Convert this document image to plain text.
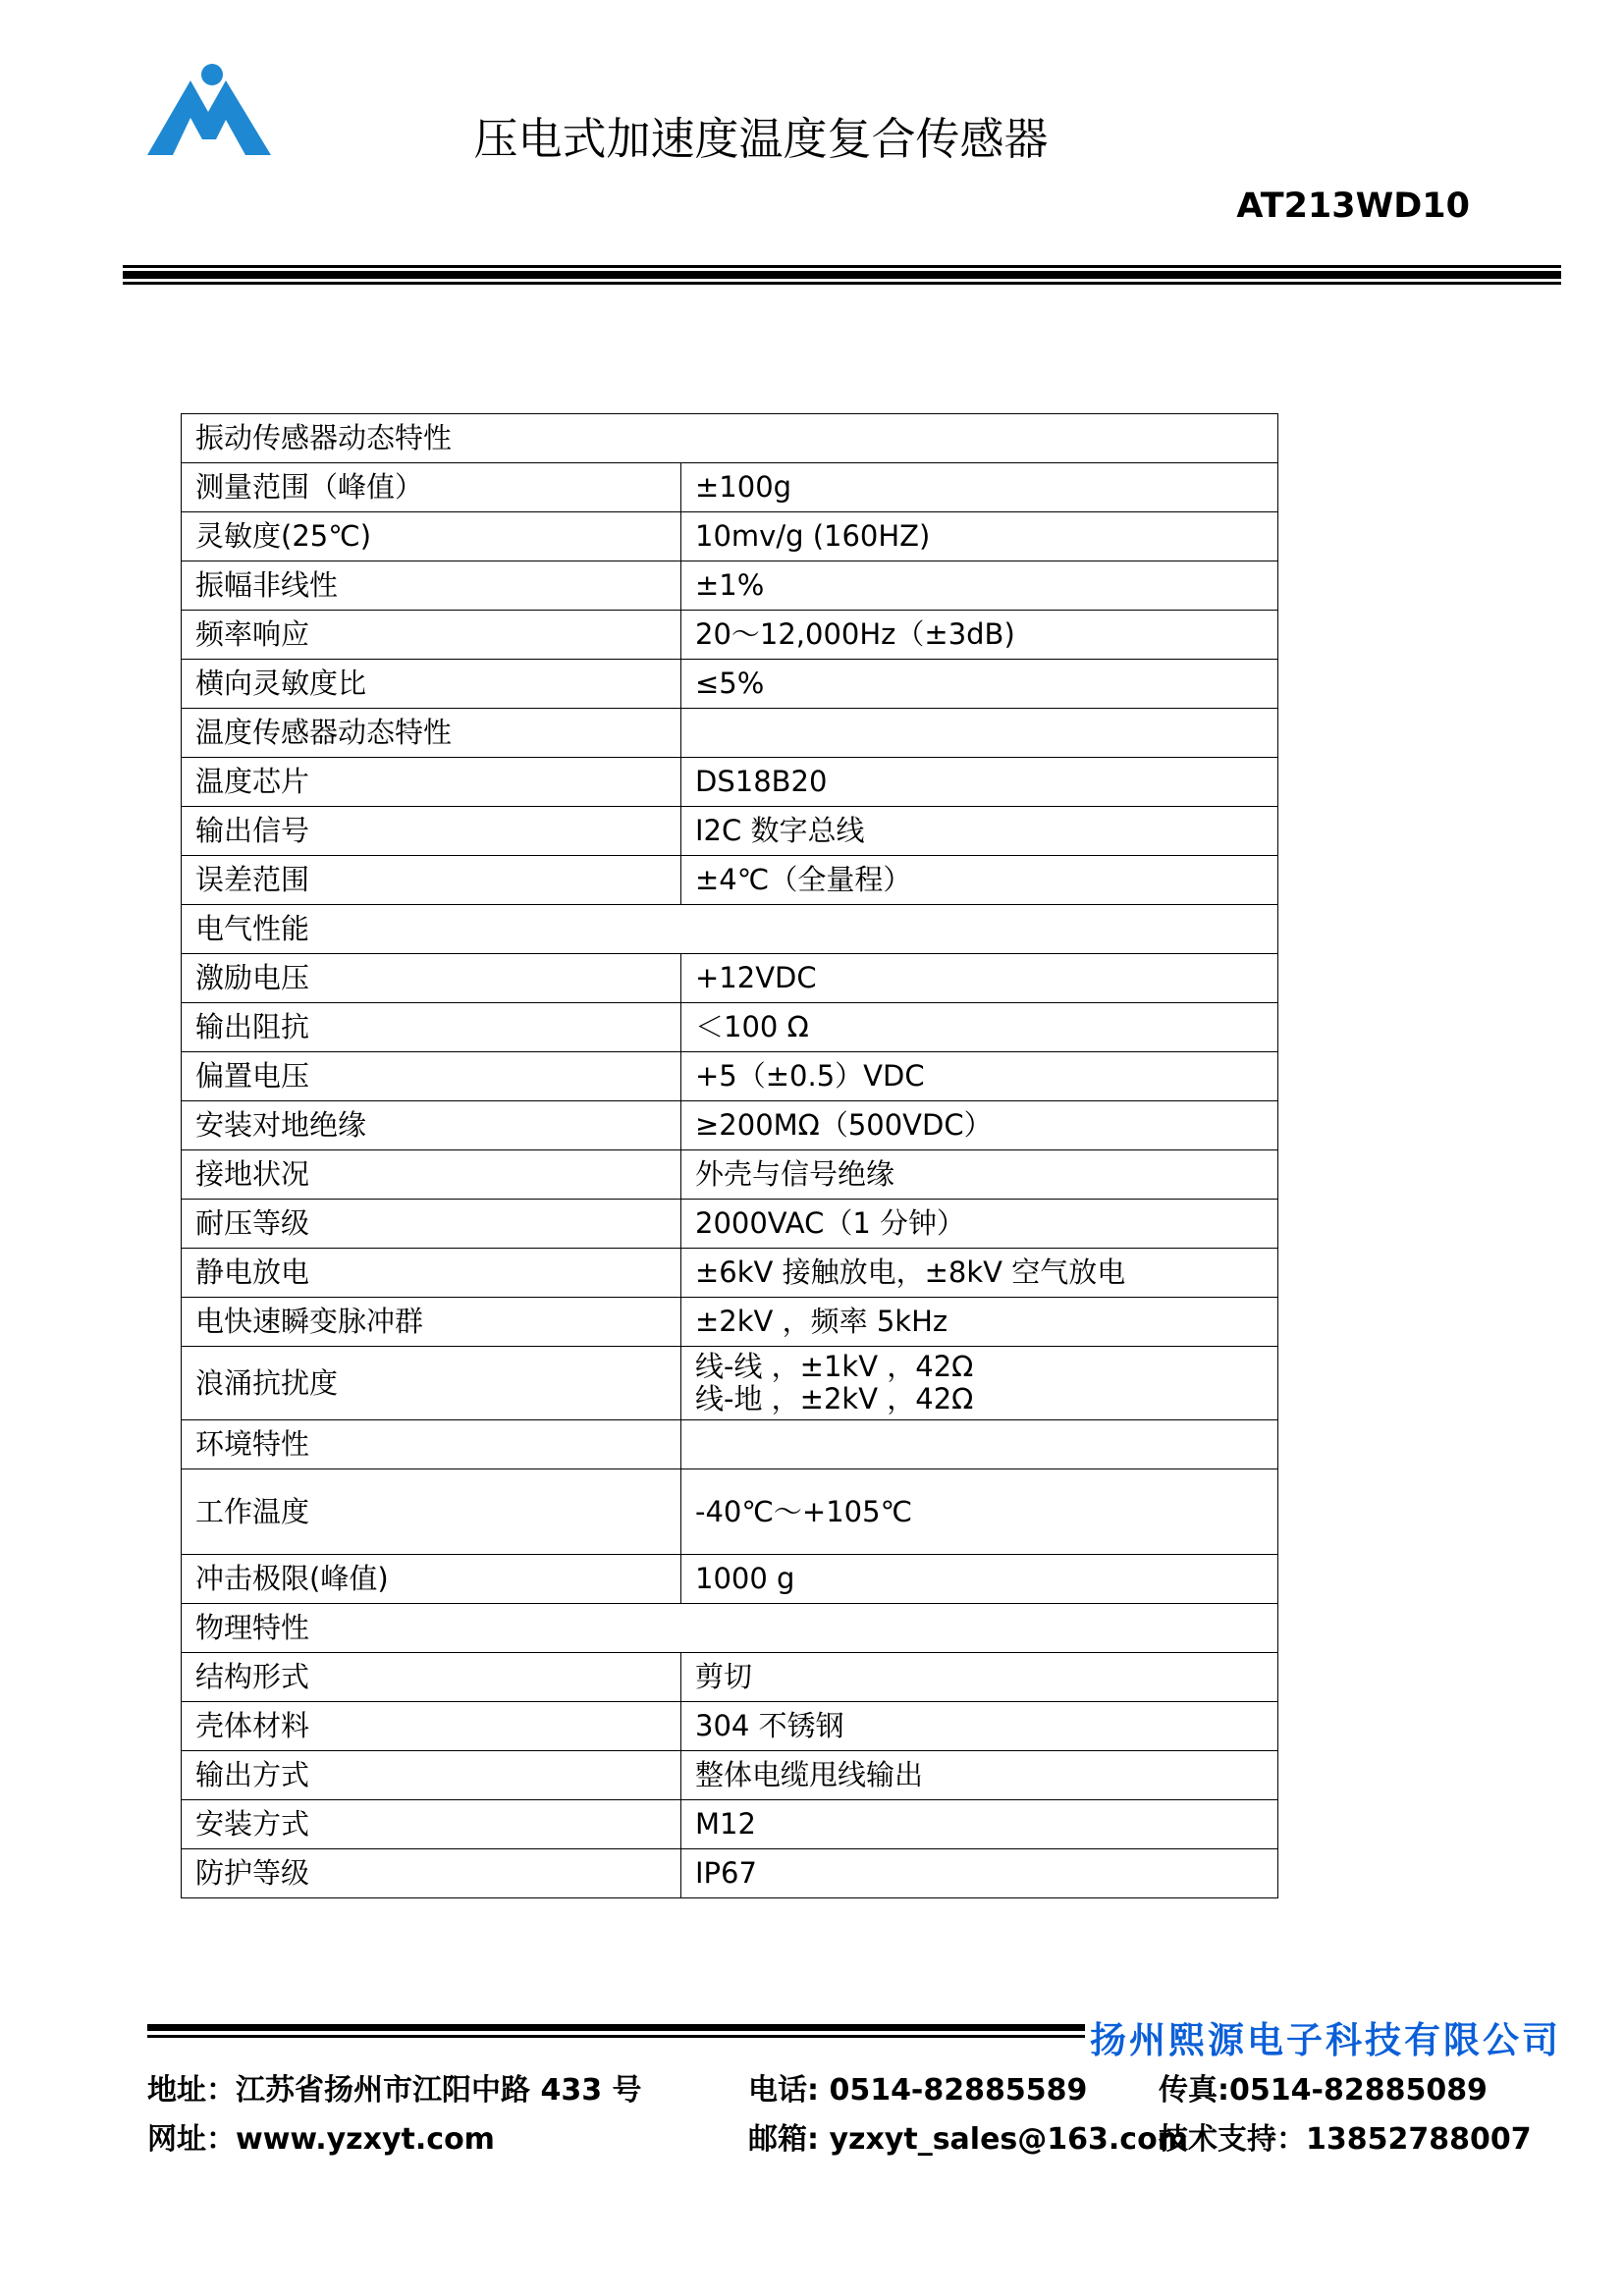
压电式加速度温度复合传感器
AT213WD10
振动传感器动态特性	
测量范围（峰值）	±100g
灵敏度(25℃)	10mv/g (160HZ)
振幅非线性	±1%
频率响应	20～12,000Hz（±3dB)
横向灵敏度比	≤5%
温度传感器动态特性	
温度芯片	DS18B20
输出信号	I2C 数字总线
误差范围	±4℃（全量程）
电气性能	
激励电压	+12VDC
输出阻抗	＜100 Ω
偏置电压	+5（±0.5）VDC
安装对地绝缘	≥200MΩ（500VDC）
接地状况	外壳与信号绝缘
耐压等级	2000VAC（1 分钟）
静电放电	±6kV 接触放电，±8kV 空气放电
电快速瞬变脉冲群	±2kV ，频率 5kHz
浪涌抗扰度	线-线 ，±1kV ，42Ω
线-地 ，±2kV ，42Ω

环境特性	
工作温度	-40℃～+105℃
冲击极限(峰值)	1000 g
物理特性	
结构形式	剪切
壳体材料	304 不锈钢
输出方式	整体电缆甩线输出
安装方式	M12
防护等级	IP67
扬州熙源电子科技有限公司
地址：江苏省扬州市江阳中路 433 号	电话: 0514-82885589 传真:0514-82885089
网址：www.yzxyt.com	邮箱: yzxyt_sales@163.com
技术支持：13852788007
